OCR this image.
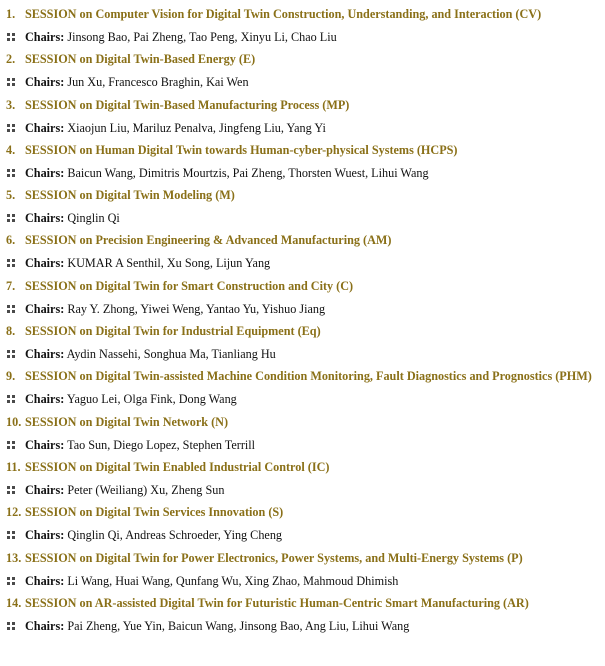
1. SESSION on Computer Vision for Digital Twin Construction, Understanding, and Interaction (CV)
Chairs: Jinsong Bao, Pai Zheng, Tao Peng, Xinyu Li, Chao Liu
2. SESSION on Digital Twin-Based Energy (E)
Chairs: Jun Xu, Francesco Braghin, Kai Wen
3. SESSION on Digital Twin-Based Manufacturing Process (MP)
Chairs: Xiaojun Liu, Mariluz Penalva, Jingfeng Liu, Yang Yi
4. SESSION on Human Digital Twin towards Human-cyber-physical Systems (HCPS)
Chairs: Baicun Wang, Dimitris Mourtzis, Pai Zheng, Thorsten Wuest, Lihui Wang
5. SESSION on Digital Twin Modeling (M)
Chairs: Qinglin Qi
6. SESSION on Precision Engineering & Advanced Manufacturing (AM)
Chairs: KUMAR A Senthil, Xu Song, Lijun Yang
7. SESSION on Digital Twin for Smart Construction and City (C)
Chairs: Ray Y. Zhong, Yiwei Weng, Yantao Yu, Yishuo Jiang
8. SESSION on Digital Twin for Industrial Equipment (Eq)
Chairs: Aydin Nassehi, Songhua Ma, Tianliang Hu
9. SESSION on Digital Twin-assisted Machine Condition Monitoring, Fault Diagnostics and Prognostics (PHM)
Chairs: Yaguo Lei, Olga Fink, Dong Wang
10. SESSION on Digital Twin Network (N)
Chairs: Tao Sun, Diego Lopez, Stephen Terrill
11. SESSION on Digital Twin Enabled Industrial Control (IC)
Chairs: Peter (Weiliang) Xu, Zheng Sun
12. SESSION on Digital Twin Services Innovation (S)
Chairs: Qinglin Qi, Andreas Schroeder, Ying Cheng
13. SESSION on Digital Twin for Power Electronics, Power Systems, and Multi-Energy Systems (P)
Chairs: Li Wang, Huai Wang, Qunfang Wu, Xing Zhao, Mahmoud Dhimish
14. SESSION on AR-assisted Digital Twin for Futuristic Human-Centric Smart Manufacturing (AR)
Chairs: Pai Zheng, Yue Yin, Baicun Wang, Jinsong Bao, Ang Liu, Lihui Wang
